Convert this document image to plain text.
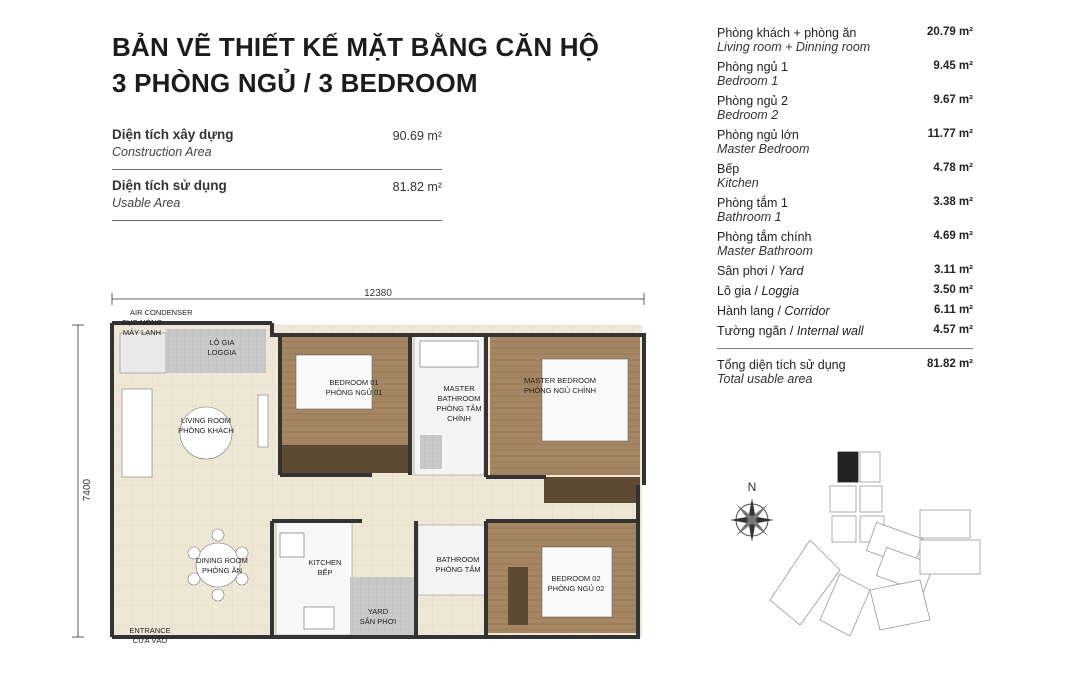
BẢN VẼ THIẾT KẾ MẶT BẰNG CĂN HỘ
3 PHÒNG NGỦ / 3 BEDROOM
Diện tích xây dựng
Construction Area
90.69 m²
Diện tích sử dụng
Usable Area
81.82 m²
Phòng khách + phòng ăn
Living room + Dinning room
20.79 m²
Phòng ngủ 1
Bedroom 1
9.45 m²
Phòng ngủ 2
Bedroom 2
9.67 m²
Phòng ngủ lớn
Master Bedroom
11.77 m²
Bếp
Kitchen
4.78 m²
Phòng tắm 1
Bathroom 1
3.38 m²
Phòng tắm chính
Master Bathroom
4.69 m²
Sân phơi / Yard	3.11 m²
Lô gia / Loggia	3.50 m²
Hành lang / Corridor	6.11 m²
Tường ngăn / Internal wall	4.57 m²
Tổng diện tích sử dụng
Total usable area
81.82 m²
12380
7400
AIR CONDENSER
CỤC NÓNG
MÁY LẠNH
LÔ GIA
LOGGIA
BEDROOM 01
PHÒNG NGỦ 01	MASTER
BATHROOM
PHÒNG TẮM
CHÍNH
MASTER BEDROOM
PHÒNG NGỦ CHÍNH
LIVING ROOM
PHÒNG KHÁCH
DINING ROOM
PHÒNG ĂN
KITCHEN
BẾP
BATHROOM
PHÒNG TẮM
YARD
SÂN PHƠI
BEDROOM 02
PHÒNG NGỦ 02
ENTRANCE
CỬA VÀO
N
